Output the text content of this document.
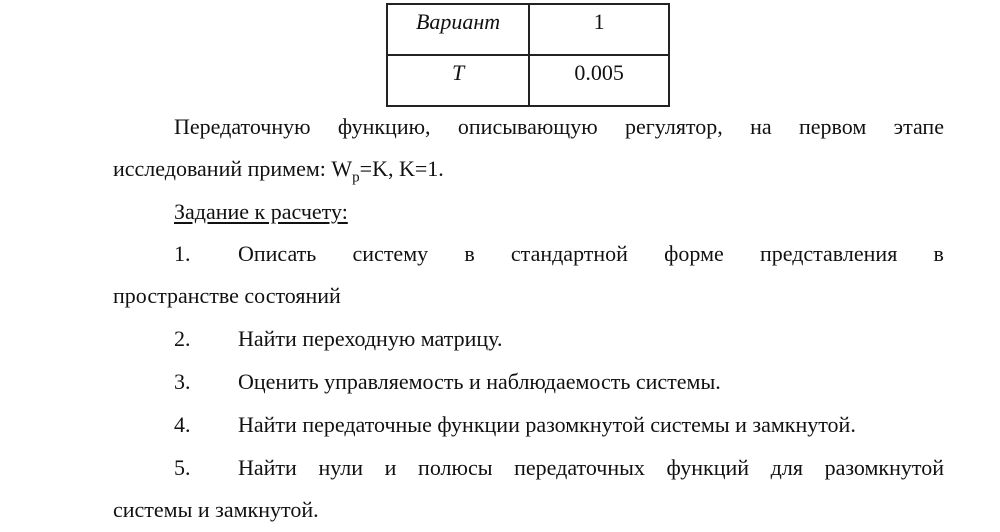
Вариант	1
T	0.005
Передаточную функцию, описывающую регулятор, на первом этапе
исследований примем: $W_p=K$, K=1.
Задание к расчету:
1. Описать систему в стандартной форме представления в
пространстве состояний
2. Найти переходную матрицу.
3. Оценить управляемость и наблюдаемость системы.
4. Найти передаточные функции разомкнутой системы и замкнутой.
5. Найти нули и полюсы передаточных функций для разомкнутой
системы и замкнутой.
